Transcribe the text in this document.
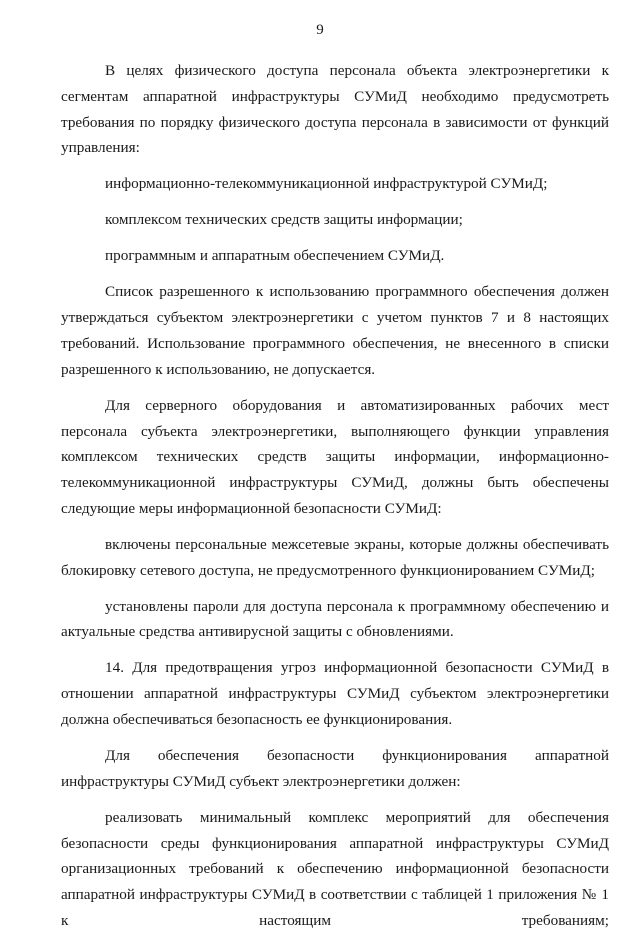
9

В целях физического доступа персонала объекта электроэнергетики к сегментам аппаратной инфраструктуры СУМиД необходимо предусмотреть требования по порядку физического доступа персонала в зависимости от функций управления:

информационно-телекоммуникационной инфраструктурой СУМиД;

комплексом технических средств защиты информации;

программным и аппаратным обеспечением СУМиД.

Список разрешенного к использованию программного обеспечения должен утверждаться субъектом электроэнергетики с учетом пунктов 7 и 8 настоящих требований. Использование программного обеспечения, не внесенного в списки разрешенного к использованию, не допускается.

Для серверного оборудования и автоматизированных рабочих мест персонала субъекта электроэнергетики, выполняющего функции управления комплексом технических средств защиты информации, информационно-телекоммуникационной инфраструктуры СУМиД, должны быть обеспечены следующие меры информационной безопасности СУМиД:

включены персональные межсетевые экраны, которые должны обеспечивать блокировку сетевого доступа, не предусмотренного функционированием СУМиД;

установлены пароли для доступа персонала к программному обеспечению и актуальные средства антивирусной защиты с обновлениями.

14. Для предотвращения угроз информационной безопасности СУМиД в отношении аппаратной инфраструктуры СУМиД субъектом электроэнергетики должна обеспечиваться безопасность ее функционирования.

Для обеспечения безопасности функционирования аппаратной инфраструктуры СУМиД субъект электроэнергетики должен:

реализовать минимальный комплекс мероприятий для обеспечения безопасности среды функционирования аппаратной инфраструктуры СУМиД организационных требований к обеспечению информационной безопасности аппаратной инфраструктуры СУМиД в соответствии с таблицей 1 приложения № 1 к настоящим требованиям;
